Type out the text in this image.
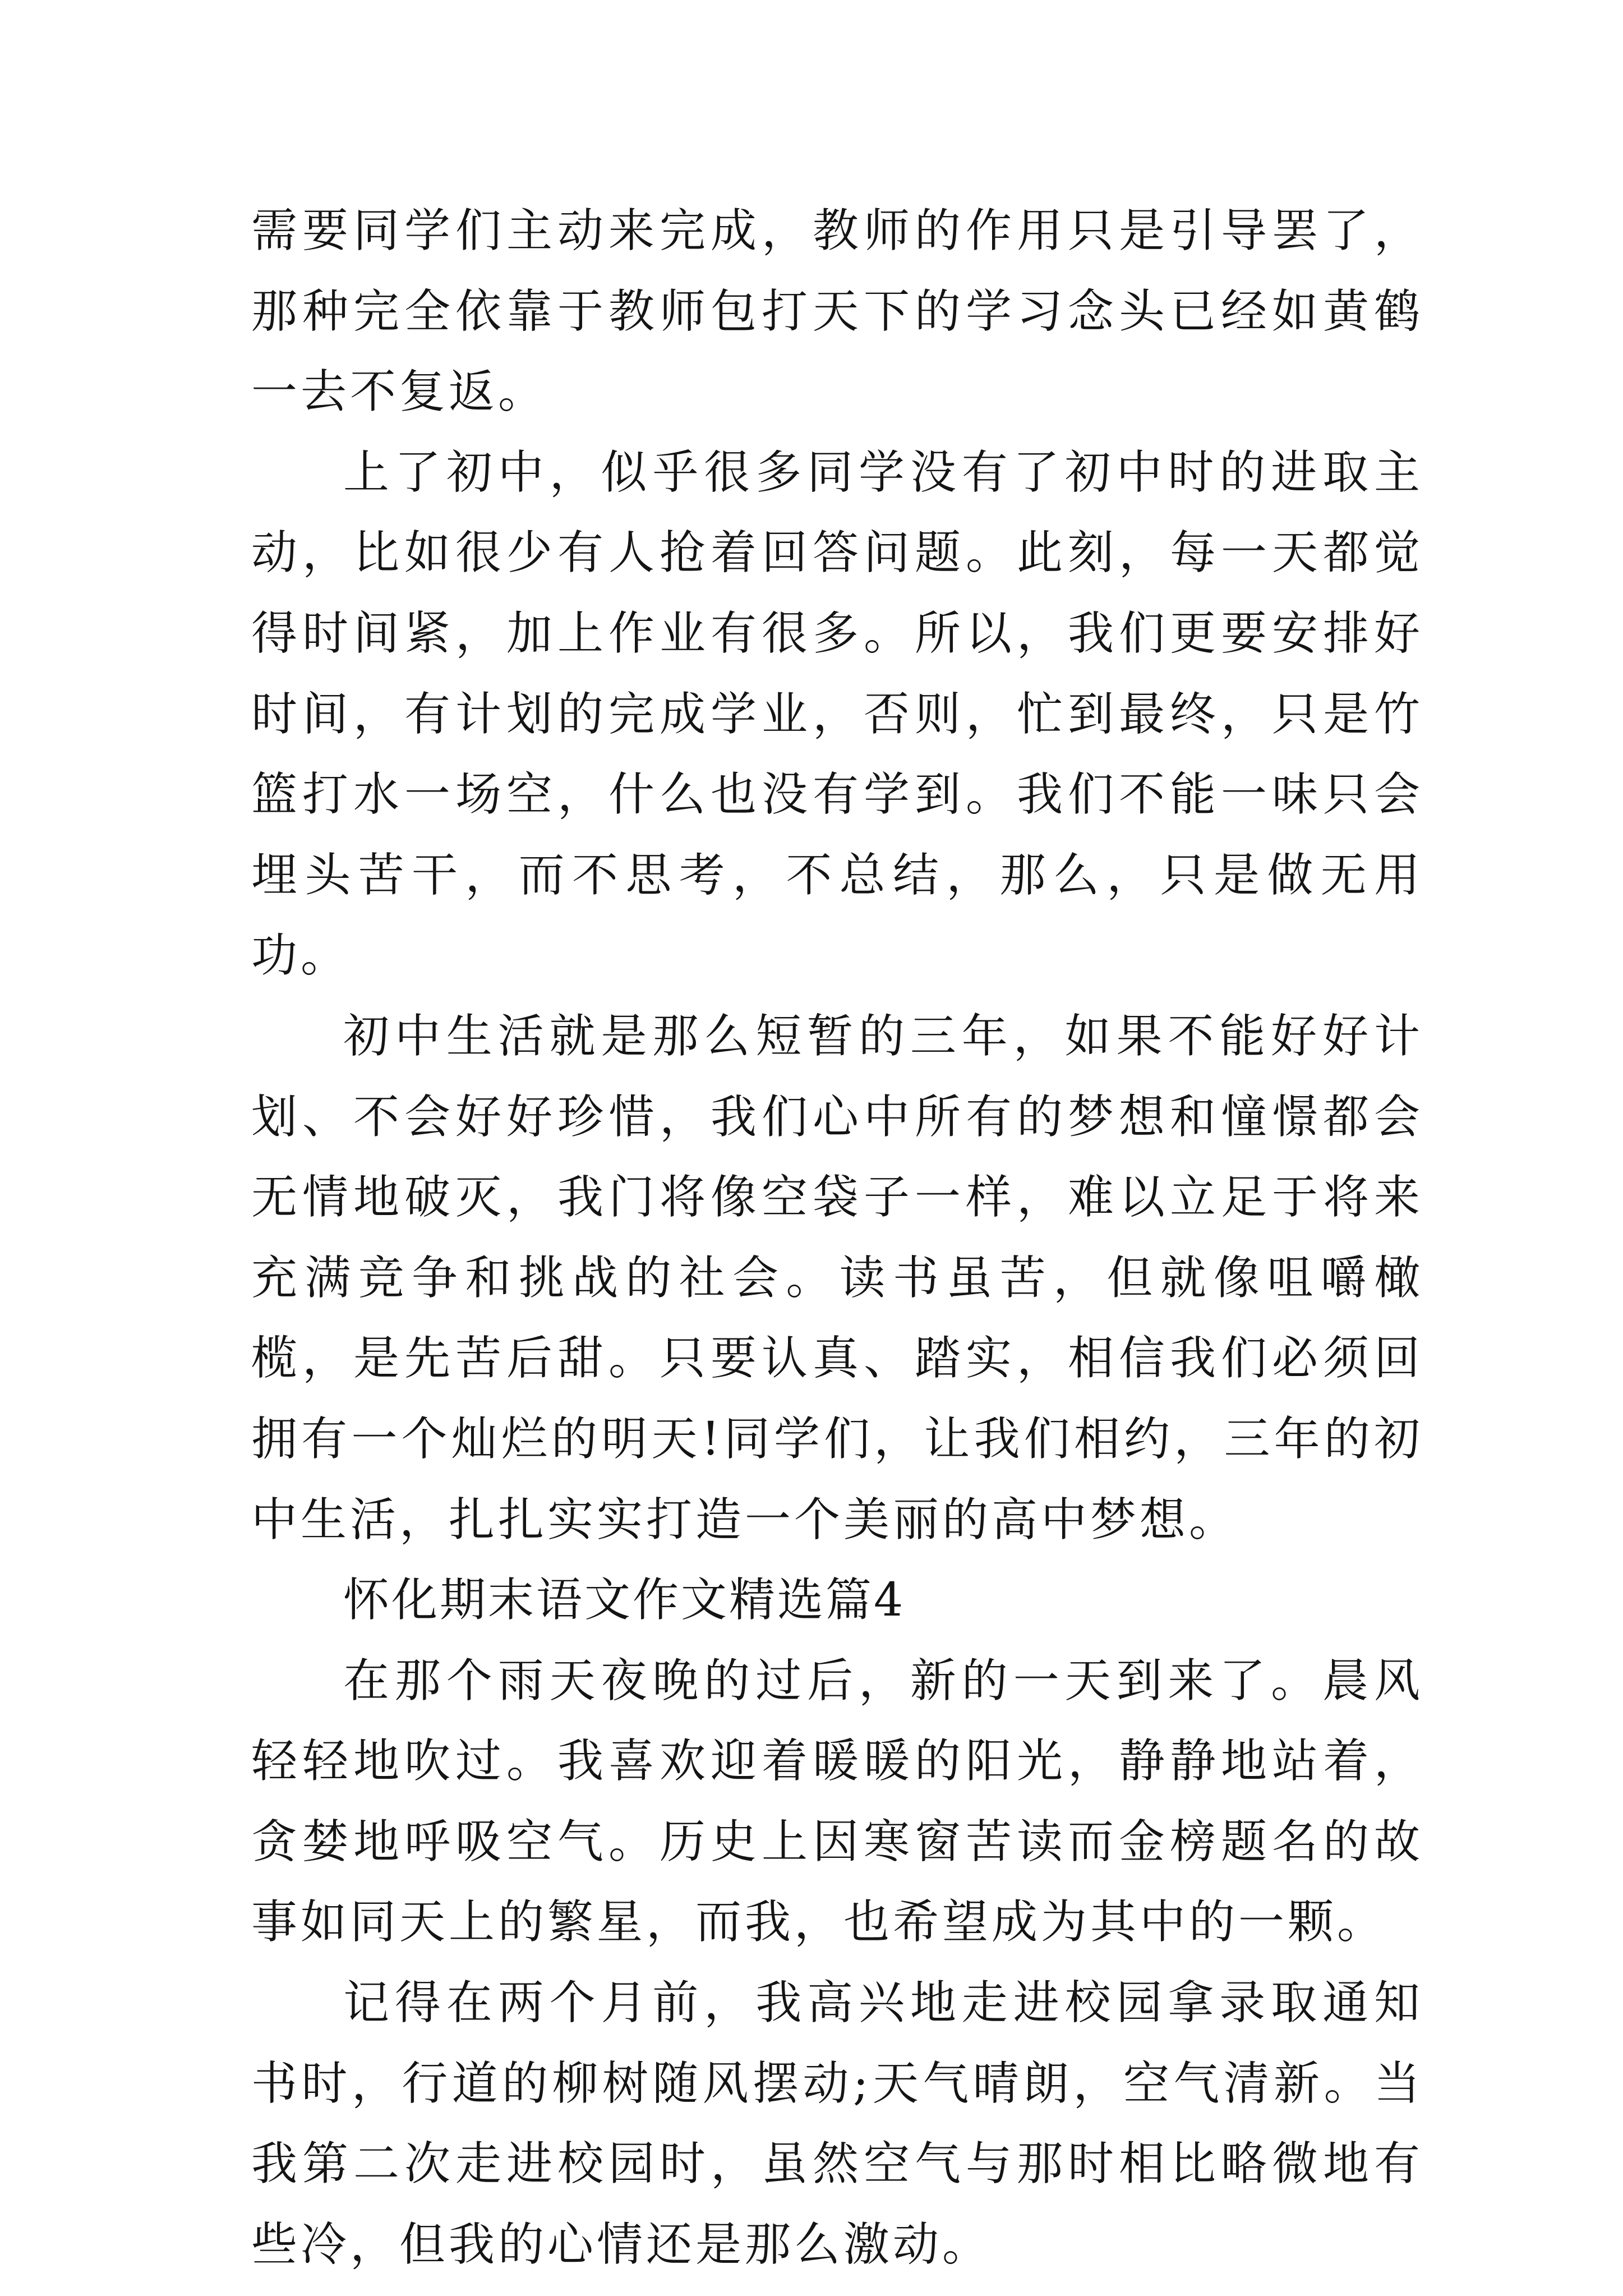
需要同学们主动来完成，教师的作用只是引导罢了，那种完全依靠于教师包打天下的学习念头已经如黄鹤一去不复返。

上了初中，似乎很多同学没有了初中时的进取主动，比如很少有人抢着回答问题。此刻，每一天都觉得时间紧，加上作业有很多。所以，我们更要安排好时间，有计划的完成学业，否则，忙到最终，只是竹篮打水一场空，什么也没有学到。我们不能一味只会埋头苦干，而不思考，不总结，那么，只是做无用功。

初中生活就是那么短暂的三年，如果不能好好计划、不会好好珍惜，我们心中所有的梦想和憧憬都会无情地破灭，我门将像空袋子一样，难以立足于将来充满竞争和挑战的社会。读书虽苦，但就像咀嚼橄榄，是先苦后甜。只要认真、踏实，相信我们必须回拥有一个灿烂的明天!同学们，让我们相约，三年的初中生活，扎扎实实打造一个美丽的高中梦想。

怀化期末语文作文精选篇4

在那个雨天夜晚的过后，新的一天到来了。晨风轻轻地吹过。我喜欢迎着暖暖的阳光，静静地站着，贪婪地呼吸空气。历史上因寒窗苦读而金榜题名的故事如同天上的繁星，而我，也希望成为其中的一颗。

记得在两个月前，我高兴地走进校园拿录取通知书时，行道的柳树随风摆动;天气晴朗，空气清新。当我第二次走进校园时，虽然空气与那时相比略微地有些冷，但我的心情还是那么激动。
